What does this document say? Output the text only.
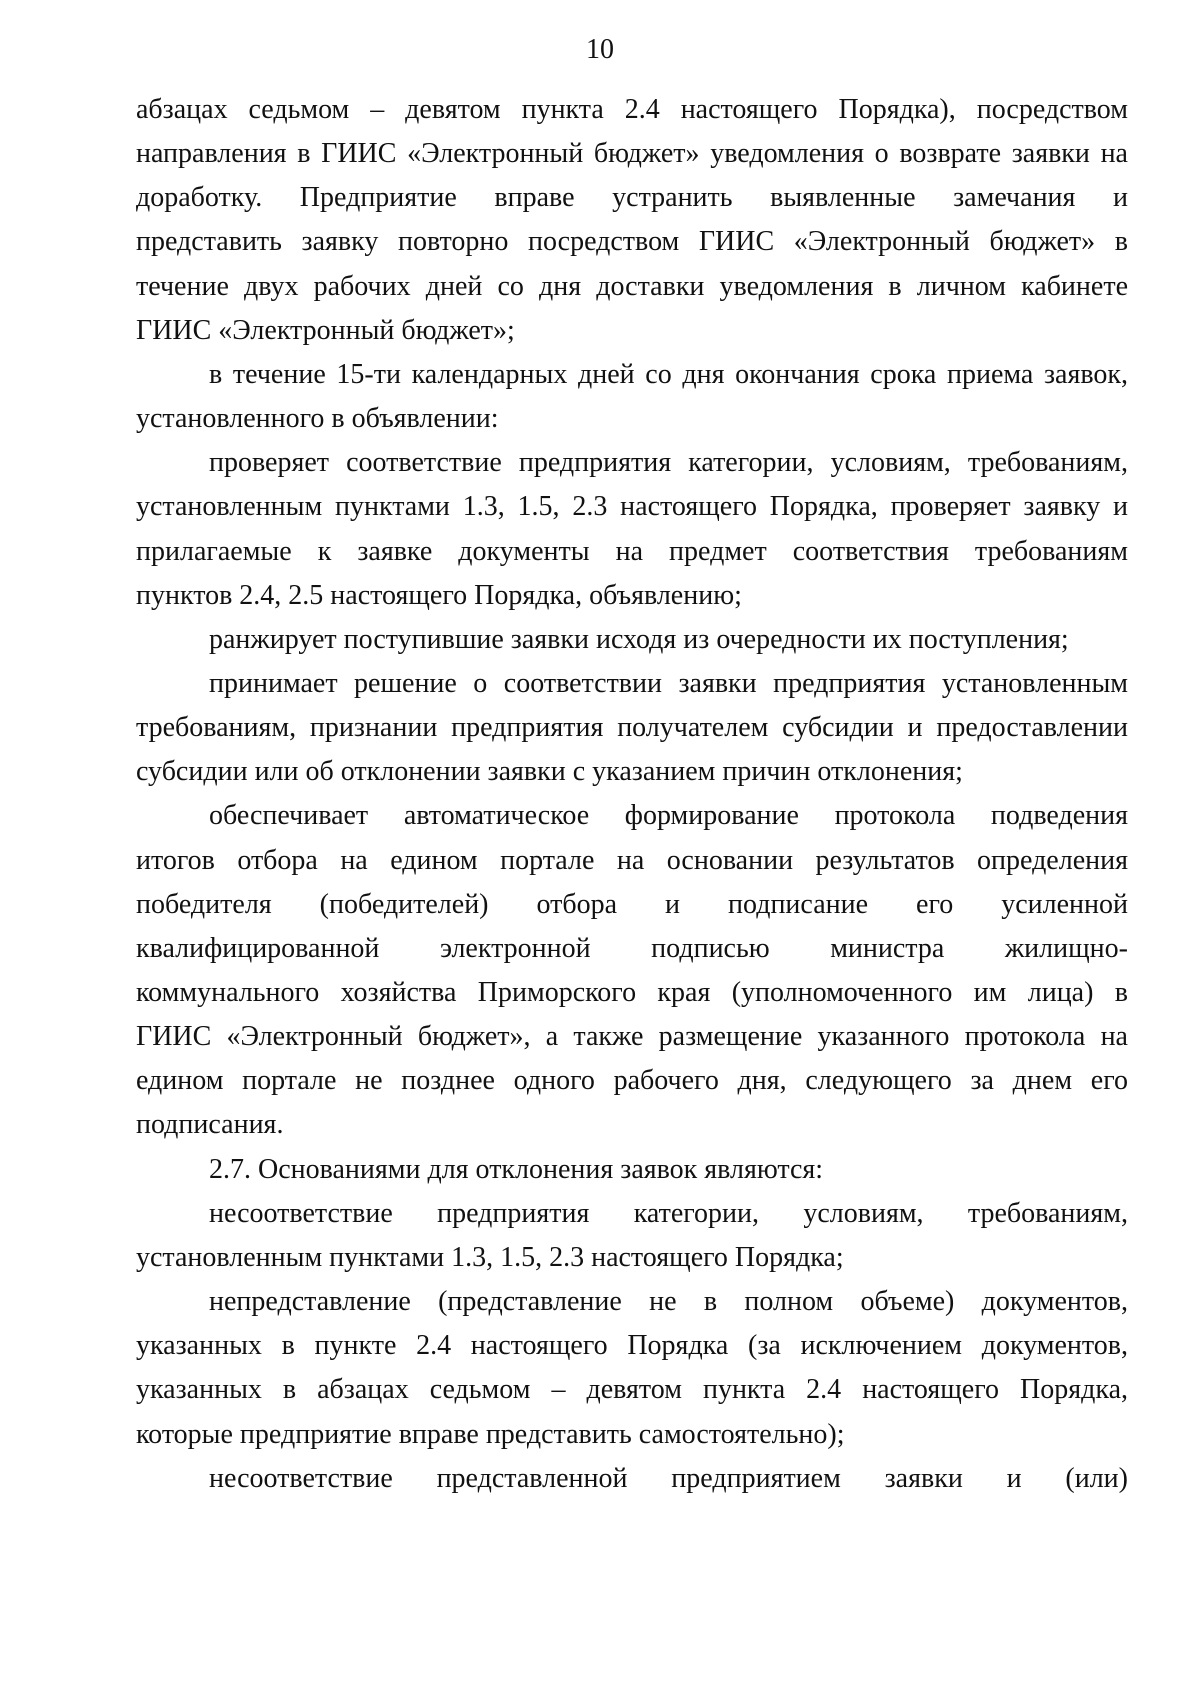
10
абзацах седьмом – девятом пункта 2.4 настоящего Порядка), посредством
направления в ГИИС «Электронный бюджет» уведомления о возврате заявки на
доработку. Предприятие вправе устранить выявленные замечания и
представить заявку повторно посредством ГИИС «Электронный бюджет» в
течение двух рабочих дней со дня доставки уведомления в личном кабинете
ГИИС «Электронный бюджет»;
в течение 15-ти календарных дней со дня окончания срока приема заявок,
установленного в объявлении:
проверяет соответствие предприятия категории, условиям, требованиям,
установленным пунктами 1.3, 1.5, 2.3 настоящего Порядка, проверяет заявку и
прилагаемые к заявке документы на предмет соответствия требованиям
пунктов 2.4, 2.5 настоящего Порядка, объявлению;
ранжирует поступившие заявки исходя из очередности их поступления;
принимает решение о соответствии заявки предприятия установленным
требованиям, признании предприятия получателем субсидии и предоставлении
субсидии или об отклонении заявки с указанием причин отклонения;
обеспечивает автоматическое формирование протокола подведения
итогов отбора на едином портале на основании результатов определения
победителя (победителей) отбора и подписание его усиленной
квалифицированной электронной подписью министра жилищно-
коммунального хозяйства Приморского края (уполномоченного им лица) в
ГИИС «Электронный бюджет», а также размещение указанного протокола на
едином портале не позднее одного рабочего дня, следующего за днем его
подписания.
2.7. Основаниями для отклонения заявок являются:
несоответствие предприятия категории, условиям, требованиям,
установленным пунктами 1.3, 1.5, 2.3 настоящего Порядка;
непредставление (представление не в полном объеме) документов,
указанных в пункте 2.4 настоящего Порядка (за исключением документов,
указанных в абзацах седьмом – девятом пункта 2.4 настоящего Порядка,
которые предприятие вправе представить самостоятельно);
несоответствие представленной предприятием заявки и (или)
